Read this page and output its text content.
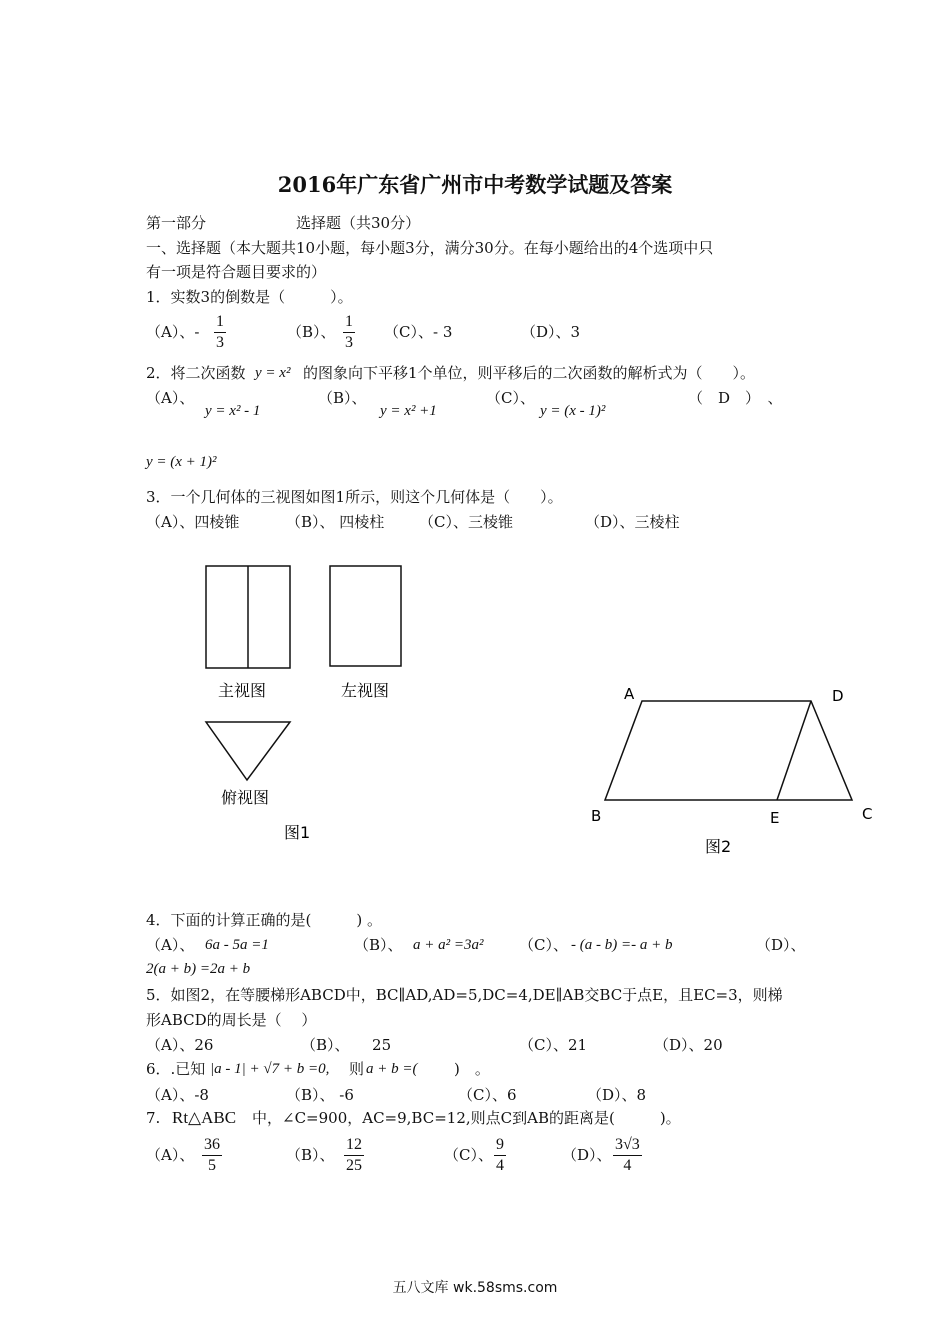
2016年广东省广州市中考数学试题及答案
第一部分	选择题（共30分）
一、选择题（本大题共10小题，每小题3分，满分30分。在每小题给出的4个选项中只
有一项是符合题目要求的）
1．实数3的倒数是（　　　）。
（A）、- $\frac{1}{3}$	（B）、 $\frac{1}{3} (C)$、- 3	（D）、3
2．将二次函数 y = x² 的图象向下平移1个单位，则平移后的二次函数的解析式为（　　）。
（A）、
y = x² - 1
（B）、
y = x² +1
（C）、
y = (x - 1)²
（　D　）　、
y = (x + 1)²
3．一个几何体的三视图如图1所示，则这个几何体是（　　）。
（A）、四棱锥	（B）、 四棱柱 （C）、三棱锥	（D）、三棱柱
主视图	左视图
俯视图
图1
A	D
B	E	C
图2
4．下面的计算正确的是(　　　) 。
（A）、 6a - 5a =1	（B）、 a + a² =3a² （C）、 - (a - b) =- a + b	（D）、
2(a + b) =2a + b
5．如图2，在等腰梯形ABCD中，BC∥AD,AD=5,DC=4,DE∥AB交BC于点E，且EC=3，则梯
形ABCD的周长是（　 ）
（A）、26	（B）、　　25	（C）、21	（D）、20
6．.已知 |a - 1| + √7 + b =0, 则 a + b =( 　　)　。
（A）、-8	（B）、 -6	（C）、6	（D）、8
7. Rt△ABC 中，∠C=900，AC=9,BC=12,则点C到AB的距离是(　　　)。
（A）、 $\frac{36}{5}$	（B）、 $\frac{12}{25}$	（C）、 $\frac{9}{4}$	（D）、 $\frac{3√3}{4}$
五八文库 wk.58sms.com
